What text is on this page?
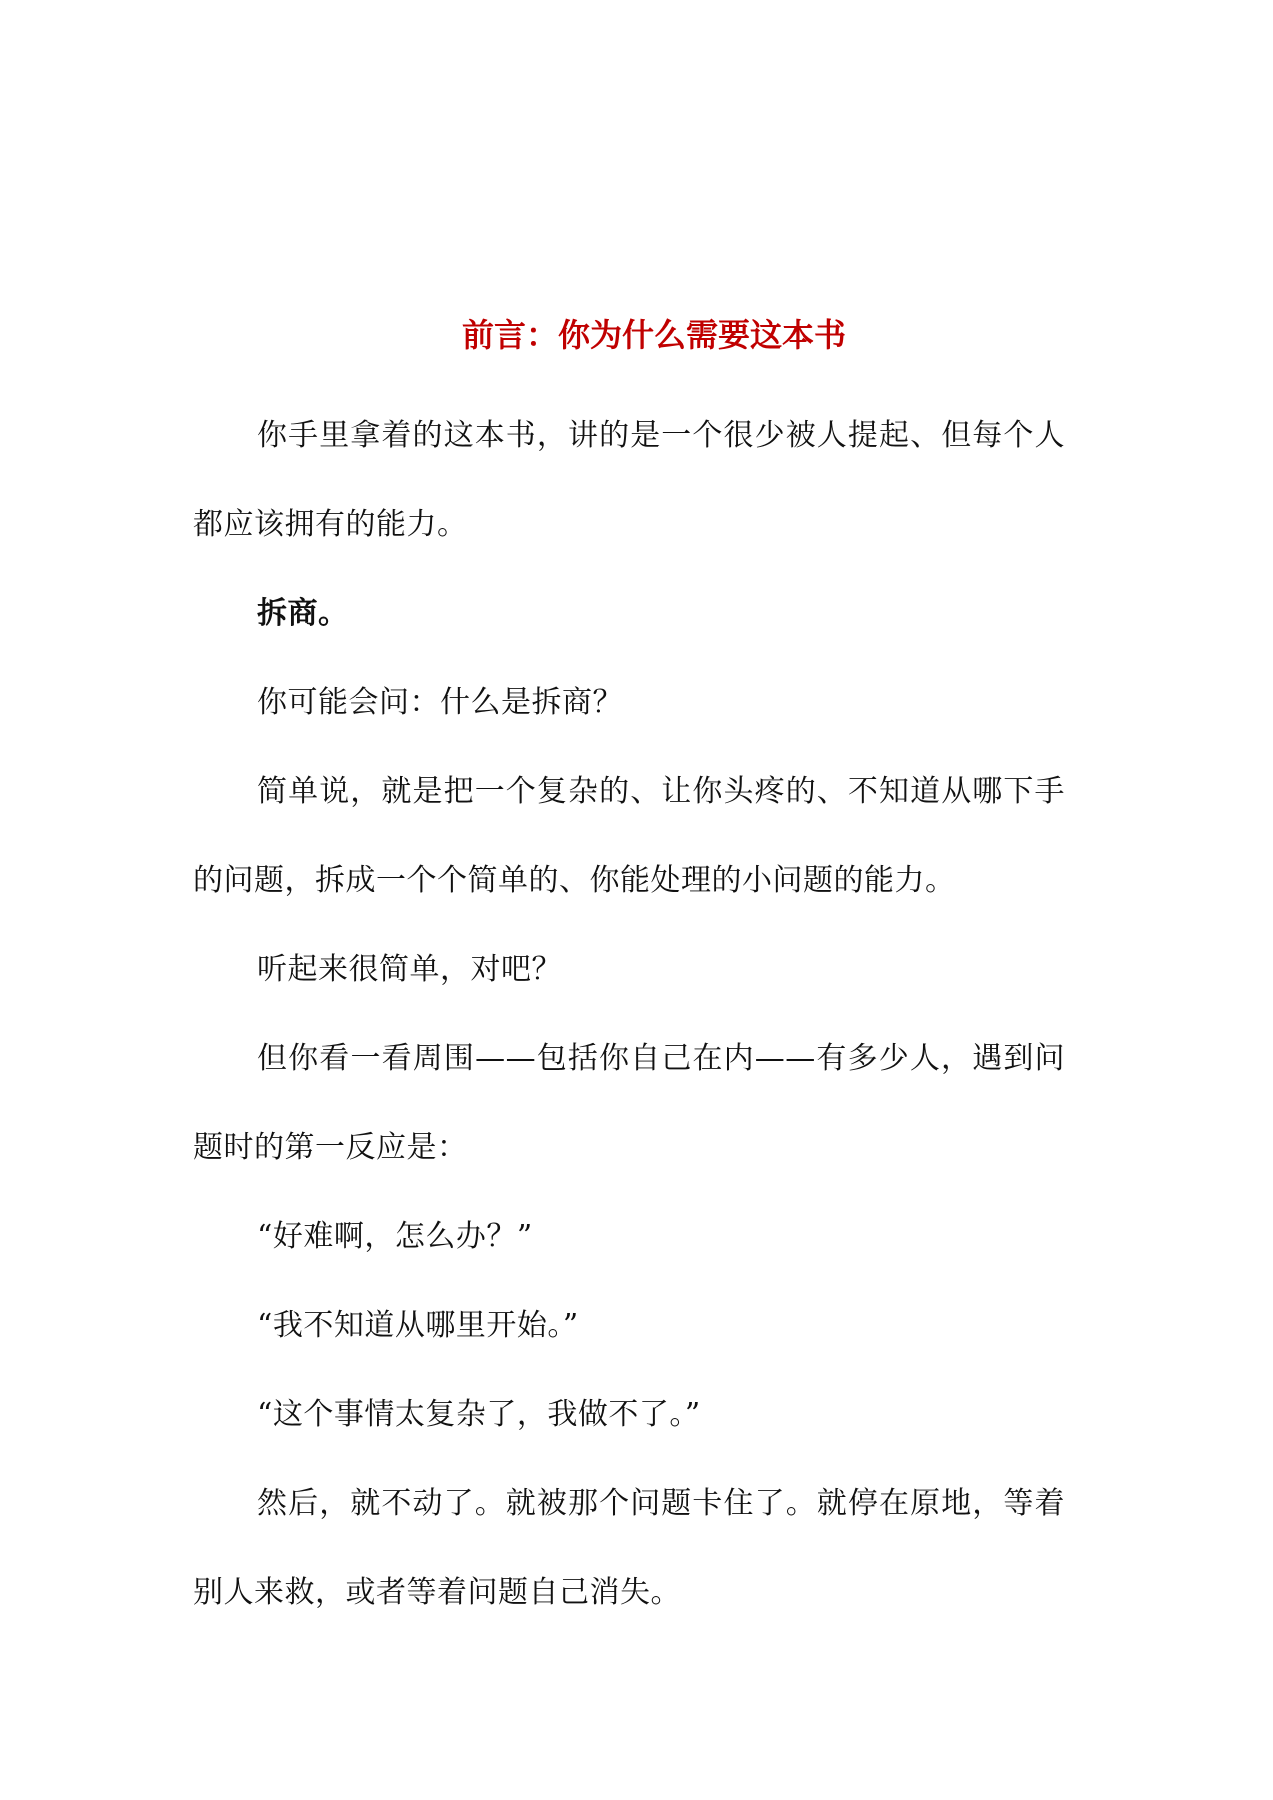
前言：你为什么需要这本书

你手里拿着的这本书，讲的是一个很少被人提起、但每个人都应该拥有的能力。

拆商。

你可能会问：什么是拆商？

简单说，就是把一个复杂的、让你头疼的、不知道从哪下手的问题，拆成一个个简单的、你能处理的小问题的能力。

听起来很简单，对吧？

但你看一看周围——包括你自己在内——有多少人，遇到问题时的第一反应是：

“好难啊，怎么办？”

“我不知道从哪里开始。”

“这个事情太复杂了，我做不了。”

然后，就不动了。就被那个问题卡住了。就停在原地，等着别人来救，或者等着问题自己消失。
